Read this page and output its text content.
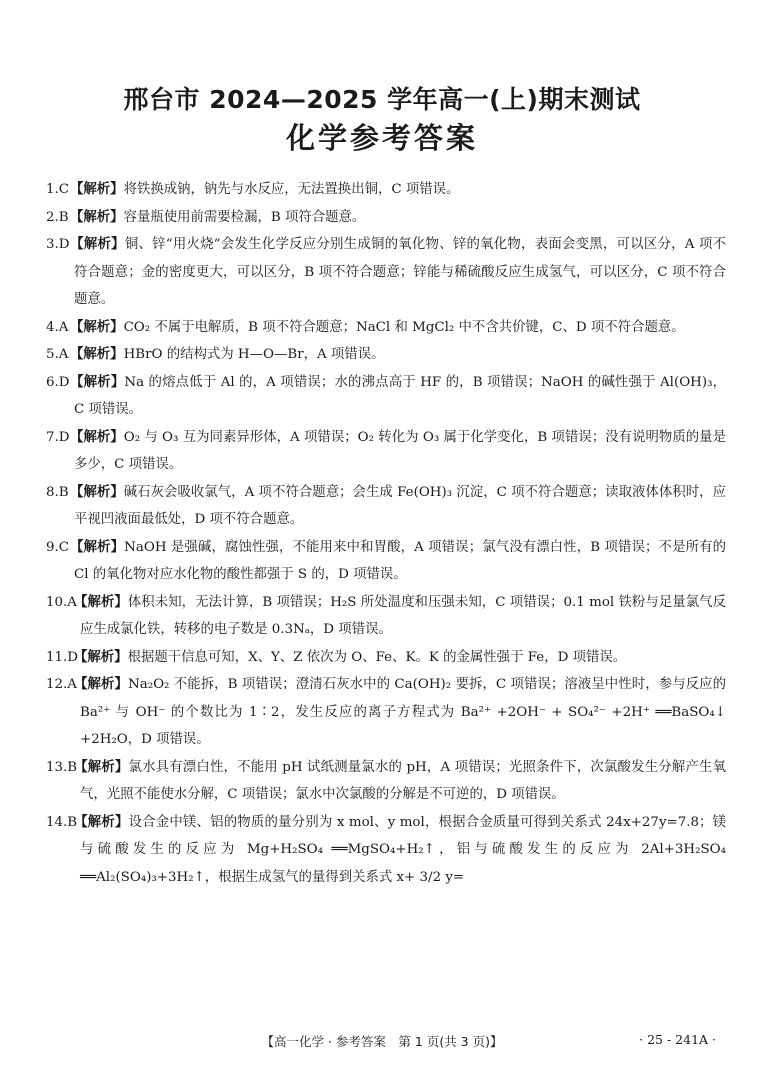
邢台市 2024—2025 学年高一(上)期末测试
化学参考答案
1.C【解析】将铁换成钠，钠先与水反应，无法置换出铜，C 项错误。
2.B【解析】容量瓶使用前需要检漏，B 项符合题意。
3.D【解析】铜、锌“用火烧”会发生化学反应分别生成铜的氧化物、锌的氧化物，表面会变黑，可以区分，A 项不符合题意；金的密度更大，可以区分，B 项不符合题意；锌能与稀硫酸反应生成氢气，可以区分，C 项不符合题意。
4.A 【解析】CO₂ 不属于电解质，B 项不符合题意；NaCl 和 MgCl₂ 中不含共价键，C、D 项不符合题意。
5.A 【解析】HBrO 的结构式为 H—O—Br，A 项错误。
6.D【解析】Na 的熔点低于 Al 的，A 项错误；水的沸点高于 HF 的，B 项错误；NaOH 的碱性强于 Al(OH)₃，C 项错误。
7.D【解析】O₂ 与 O₃ 互为同素异形体，A 项错误；O₂ 转化为 O₃ 属于化学变化，B 项错误；没有说明物质的量是多少，C 项错误。
8.B【解析】碱石灰会吸收氯气，A 项不符合题意；会生成 Fe(OH)₃ 沉淀，C 项不符合题意；读取液体体积时，应平视凹液面最低处，D 项不符合题意。
9.C【解析】NaOH 是强碱，腐蚀性强，不能用来中和胃酸，A 项错误；氯气没有漂白性，B 项错误；不是所有的 Cl 的氧化物对应水化物的酸性都强于 S 的，D 项错误。
10.A【解析】体积未知，无法计算，B 项错误；H₂S 所处温度和压强未知，C 项错误；0.1 mol 铁粉与足量氯气反应生成氯化铁，转移的电子数是 0.3Nₐ，D 项错误。
11.D【解析】根据题干信息可知，X、Y、Z 依次为 O、Fe、K。K 的金属性强于 Fe，D 项错误。
12.A【解析】Na₂O₂ 不能拆，B 项错误；澄清石灰水中的 Ca(OH)₂ 要拆，C 项错误；溶液呈中性时，参与反应的 Ba²⁺ 与 OH⁻ 的个数比为 1∶2，发生反应的离子方程式为 Ba²⁺ +2OH⁻ + SO₄²⁻ +2H⁺ ══BaSO₄↓ +2H₂O，D 项错误。
13.B【解析】氯水具有漂白性，不能用 pH 试纸测量氯水的 pH，A 项错误；光照条件下，次氯酸发生分解产生氧气，光照不能使水分解，C 项错误；氯水中次氯酸的分解是不可逆的，D 项错误。
14.B【解析】设合金中镁、铝的物质的量分别为 x mol、y mol，根据合金质量可得到关系式 24x+27y=7.8；镁与硫酸发生的反应为 Mg+H₂SO₄ ══MgSO₄+H₂↑，铝与硫酸发生的反应为 2Al+3H₂SO₄ ══Al₂(SO₄)₃+3H₂↑，根据生成氢气的量得到关系式 x+ 3/2 y=
【高一化学 · 参考答案　第 1 页(共 3 页)】	· 25 - 241A ·
